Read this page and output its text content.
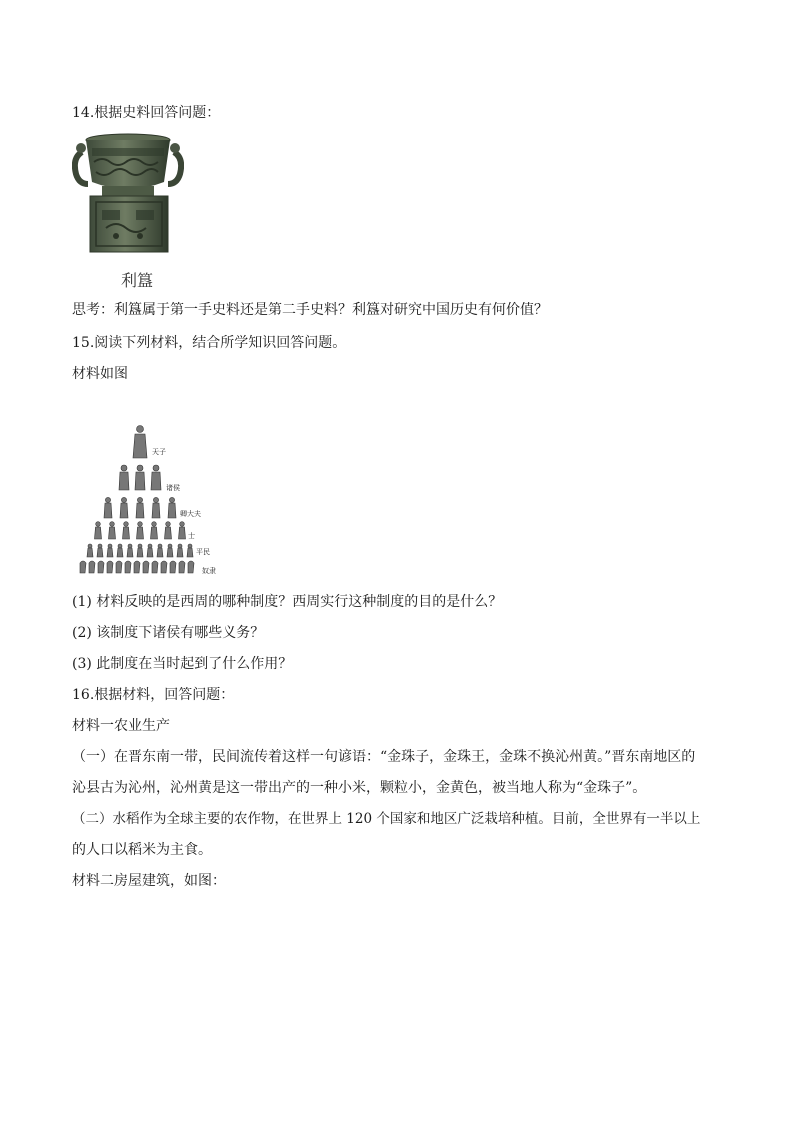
14.根据史料回答问题：
利簋
思考：利簋属于第一手史料还是第二手史料？利簋对研究中国历史有何价值？
15.阅读下列材料，结合所学知识回答问题。
材料如图
天子
诸侯
卿大夫
士
平民
奴隶
(1) 材料反映的是西周的哪种制度？西周实行这种制度的目的是什么？
(2) 该制度下诸侯有哪些义务？
(3) 此制度在当时起到了什么作用？
16.根据材料，回答问题：
材料一农业生产
（一）在晋东南一带，民间流传着这样一句谚语：“金珠子，金珠王，金珠不换沁州黄。”晋东南地区的
沁县古为沁州，沁州黄是这一带出产的一种小米，颗粒小，金黄色，被当地人称为“金珠子”。
（二）水稻作为全球主要的农作物，在世界上 120 个国家和地区广泛栽培种植。目前，全世界有一半以上
的人口以稻米为主食。
材料二房屋建筑，如图：
